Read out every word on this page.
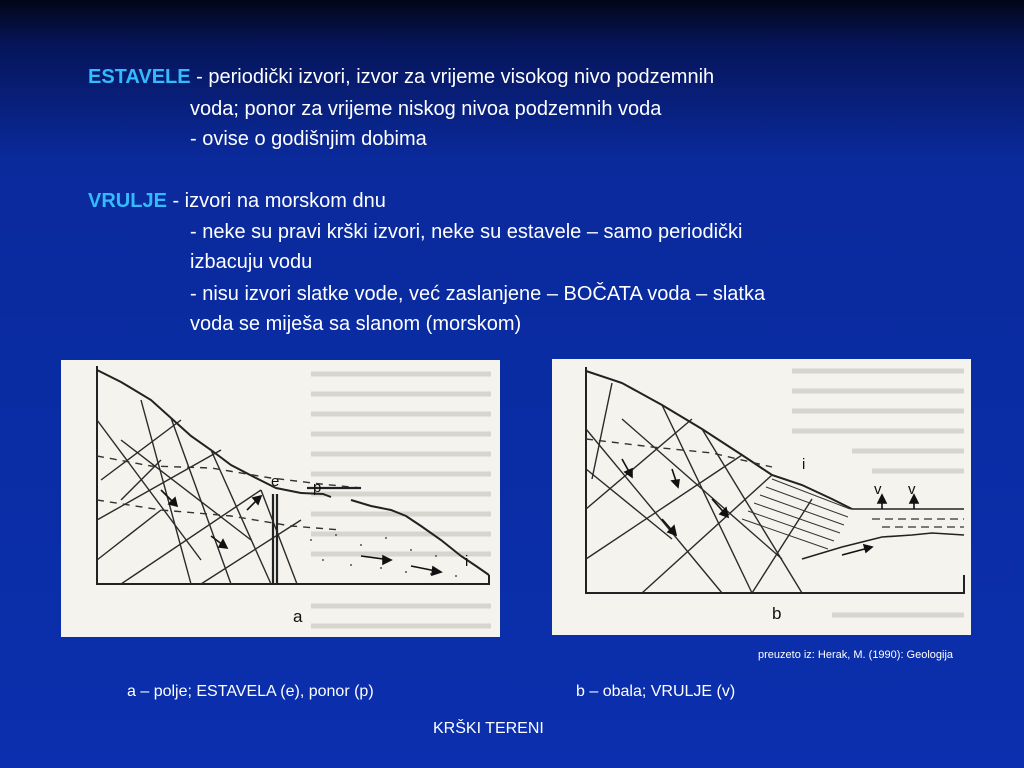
ESTAVELE - periodički izvori, izvor za vrijeme visokog nivo podzemnih
voda; ponor za vrijeme niskog nivoa podzemnih voda
- ovise o godišnjim dobima
VRULJE - izvori na morskom dnu
- neke su pravi krški izvori, neke su estavele – samo periodički
izbacuju vodu
- nisu izvori slatke vode, već zaslanjene – BOČATA voda – slatka
voda se miješa sa slanom (morskom)
e p
i
a
i
v v
b
preuzeto iz: Herak, M. (1990): Geologija
a – polje; ESTAVELA (e), ponor (p)	b – obala; VRULJE (v)
KRŠKI TERENI
